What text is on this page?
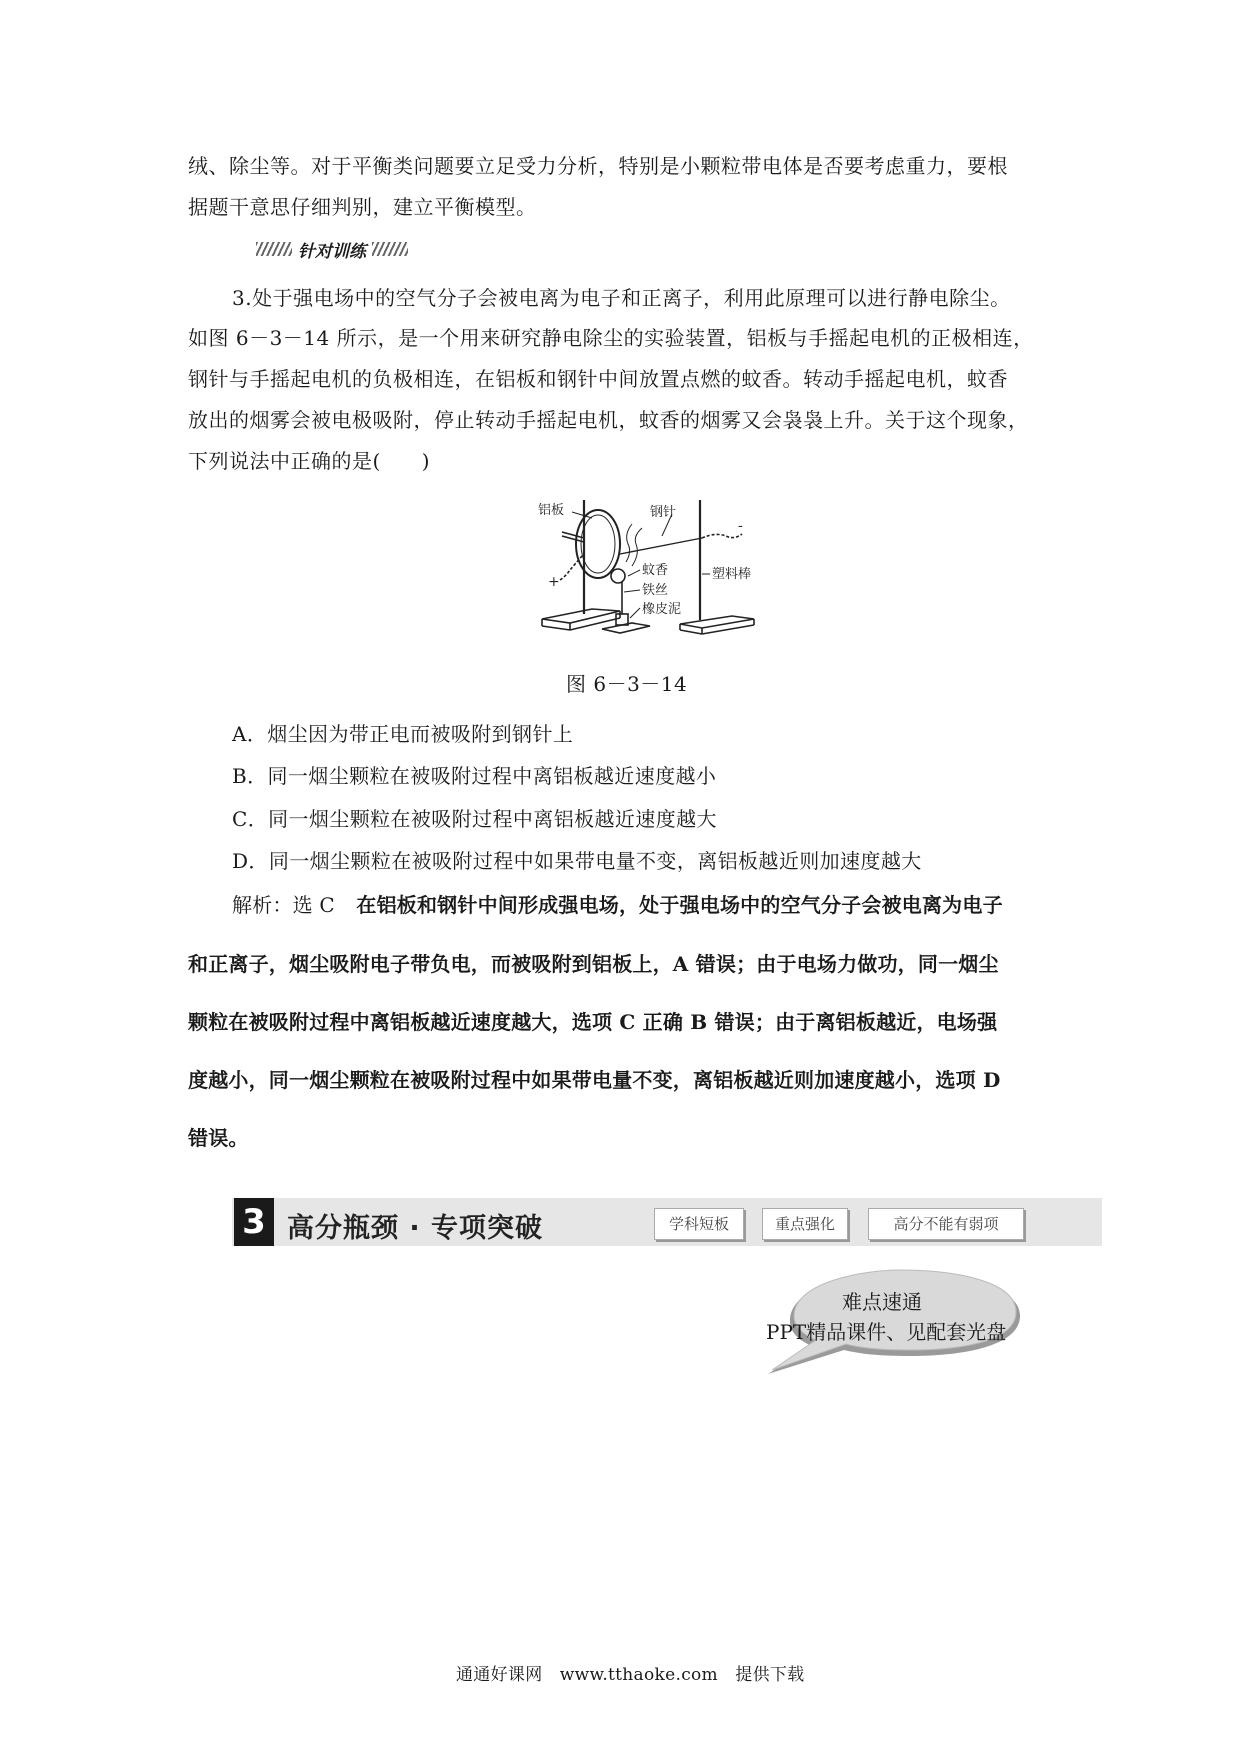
绒、除尘等。对于平衡类问题要立足受力分析，特别是小颗粒带电体是否要考虑重力，要根
据题干意思仔细判别，建立平衡模型。
针对训练
3.处于强电场中的空气分子会被电离为电子和正离子，利用此原理可以进行静电除尘。
如图 6－3－14 所示，是一个用来研究静电除尘的实验装置，铝板与手摇起电机的正极相连，
钢针与手摇起电机的负极相连，在铝板和钢针中间放置点燃的蚊香。转动手摇起电机，蚊香
放出的烟雾会被电极吸附，停止转动手摇起电机，蚊香的烟雾又会袅袅上升。关于这个现象，
下列说法中正确的是(　　)
铝板	钢针
蚊香
铁丝
橡皮泥
塑料棒
+
-
图 6－3－14
A．烟尘因为带正电而被吸附到钢针上
B．同一烟尘颗粒在被吸附过程中离铝板越近速度越小
C．同一烟尘颗粒在被吸附过程中离铝板越近速度越大
D．同一烟尘颗粒在被吸附过程中如果带电量不变，离铝板越近则加速度越大
解析：选 C 在铝板和钢针中间形成强电场，处于强电场中的空气分子会被电离为电子
和正离子，烟尘吸附电子带负电，而被吸附到铝板上，A 错误；由于电场力做功，同一烟尘
颗粒在被吸附过程中离铝板越近速度越大，选项 C 正确 B 错误；由于离铝板越近，电场强
度越小，同一烟尘颗粒在被吸附过程中如果带电量不变，离铝板越近则加速度越小，选项 D
错误。
3 高分瓶颈 · 专项突破	学科短板	重点强化	高分不能有弱项
难点速通
PPT精品课件、见配套光盘
通通好课网　www.tthaoke.com　提供下载
